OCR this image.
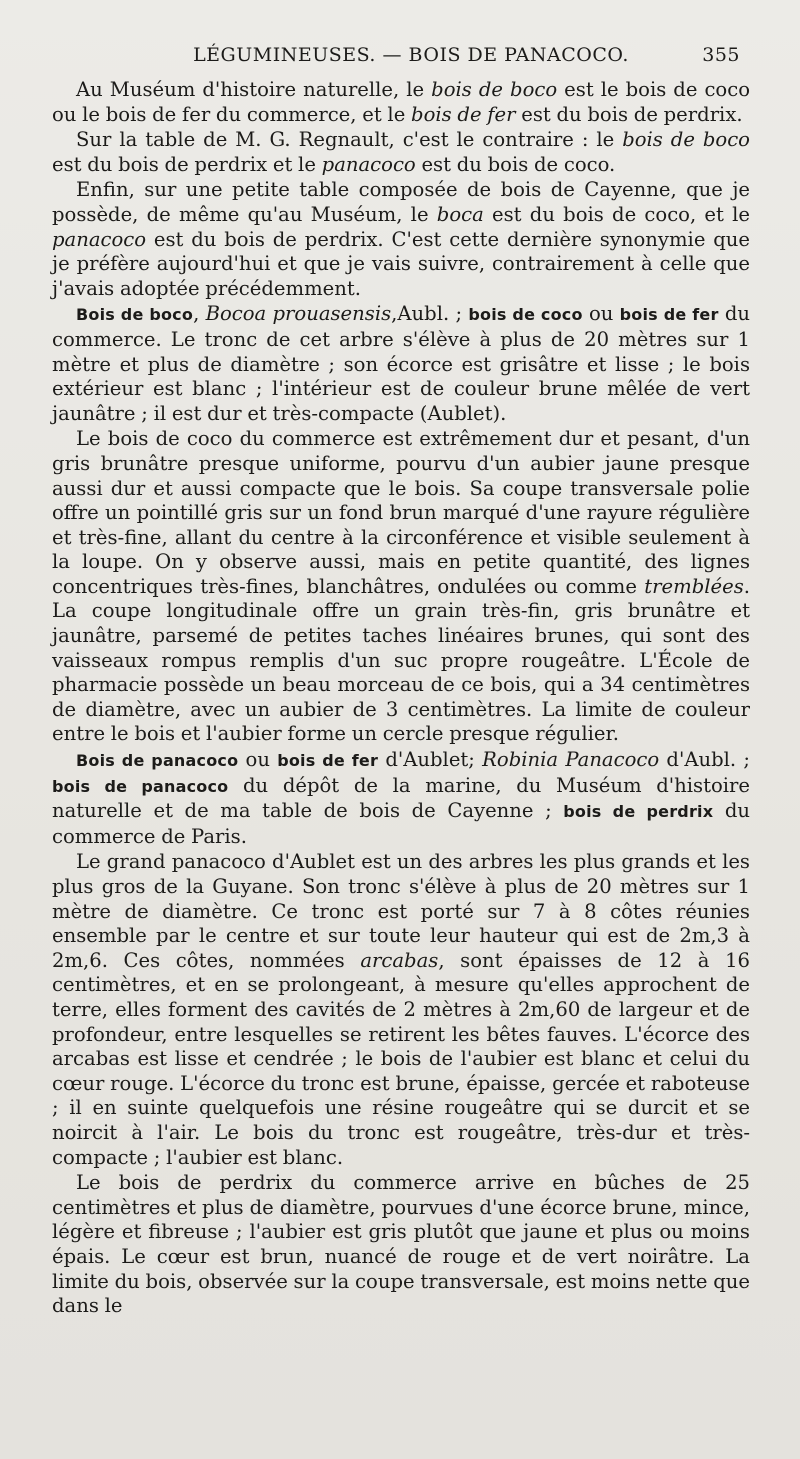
LÉGUMINEUSES. — BOIS DE PANACOCO.	355

Au Muséum d'histoire naturelle, le bois de boco est le bois de coco ou le bois de fer du commerce, et le bois de fer est du bois de perdrix.

Sur la table de M. G. Regnault, c'est le contraire : le bois de boco est du bois de perdrix et le panacoco est du bois de coco.

Enfin, sur une petite table composée de bois de Cayenne, que je possède, de même qu'au Muséum, le boca est du bois de coco, et le panacoco est du bois de perdrix. C'est cette dernière synonymie que je préfère aujourd'hui et que je vais suivre, contrairement à celle que j'avais adoptée précédemment.

Bois de boco, Bocoa prouasensis,Aubl. ; bois de coco ou bois de fer du commerce. Le tronc de cet arbre s'élève à plus de 20 mètres sur 1 mètre et plus de diamètre ; son écorce est grisâtre et lisse ; le bois extérieur est blanc ; l'intérieur est de couleur brune mêlée de vert jaunâtre ; il est dur et très-compacte (Aublet).

Le bois de coco du commerce est extrêmement dur et pesant, d'un gris brunâtre presque uniforme, pourvu d'un aubier jaune presque aussi dur et aussi compacte que le bois. Sa coupe transversale polie offre un pointillé gris sur un fond brun marqué d'une rayure régulière et très-fine, allant du centre à la circonférence et visible seulement à la loupe. On y observe aussi, mais en petite quantité, des lignes concentriques très-fines, blanchâtres, ondulées ou comme tremblées. La coupe longitudinale offre un grain très-fin, gris brunâtre et jaunâtre, parsemé de petites taches linéaires brunes, qui sont des vaisseaux rompus remplis d'un suc propre rougeâtre. L'École de pharmacie possède un beau morceau de ce bois, qui a 34 centimètres de diamètre, avec un aubier de 3 centimètres. La limite de couleur entre le bois et l'aubier forme un cercle presque régulier.

Bois de panacoco ou bois de fer d'Aublet; Robinia Panacoco d'Aubl. ; bois de panacoco du dépôt de la marine, du Muséum d'histoire naturelle et de ma table de bois de Cayenne ; bois de perdrix du commerce de Paris.

Le grand panacoco d'Aublet est un des arbres les plus grands et les plus gros de la Guyane. Son tronc s'élève à plus de 20 mètres sur 1 mètre de diamètre. Ce tronc est porté sur 7 à 8 côtes réunies ensemble par le centre et sur toute leur hauteur qui est de 2m,3 à 2m,6. Ces côtes, nommées arcabas, sont épaisses de 12 à 16 centimètres, et en se prolongeant, à mesure qu'elles approchent de terre, elles forment des cavités de 2 mètres à 2m,60 de largeur et de profondeur, entre lesquelles se retirent les bêtes fauves. L'écorce des arcabas est lisse et cendrée ; le bois de l'aubier est blanc et celui du cœur rouge. L'écorce du tronc est brune, épaisse, gercée et raboteuse ; il en suinte quelquefois une résine rougeâtre qui se durcit et se noircit à l'air. Le bois du tronc est rougeâtre, très-dur et très-compacte ; l'aubier est blanc.

Le bois de perdrix du commerce arrive en bûches de 25 centimètres et plus de diamètre, pourvues d'une écorce brune, mince, légère et fibreuse ; l'aubier est gris plutôt que jaune et plus ou moins épais. Le cœur est brun, nuancé de rouge et de vert noirâtre. La limite du bois, observée sur la coupe transversale, est moins nette que dans le
